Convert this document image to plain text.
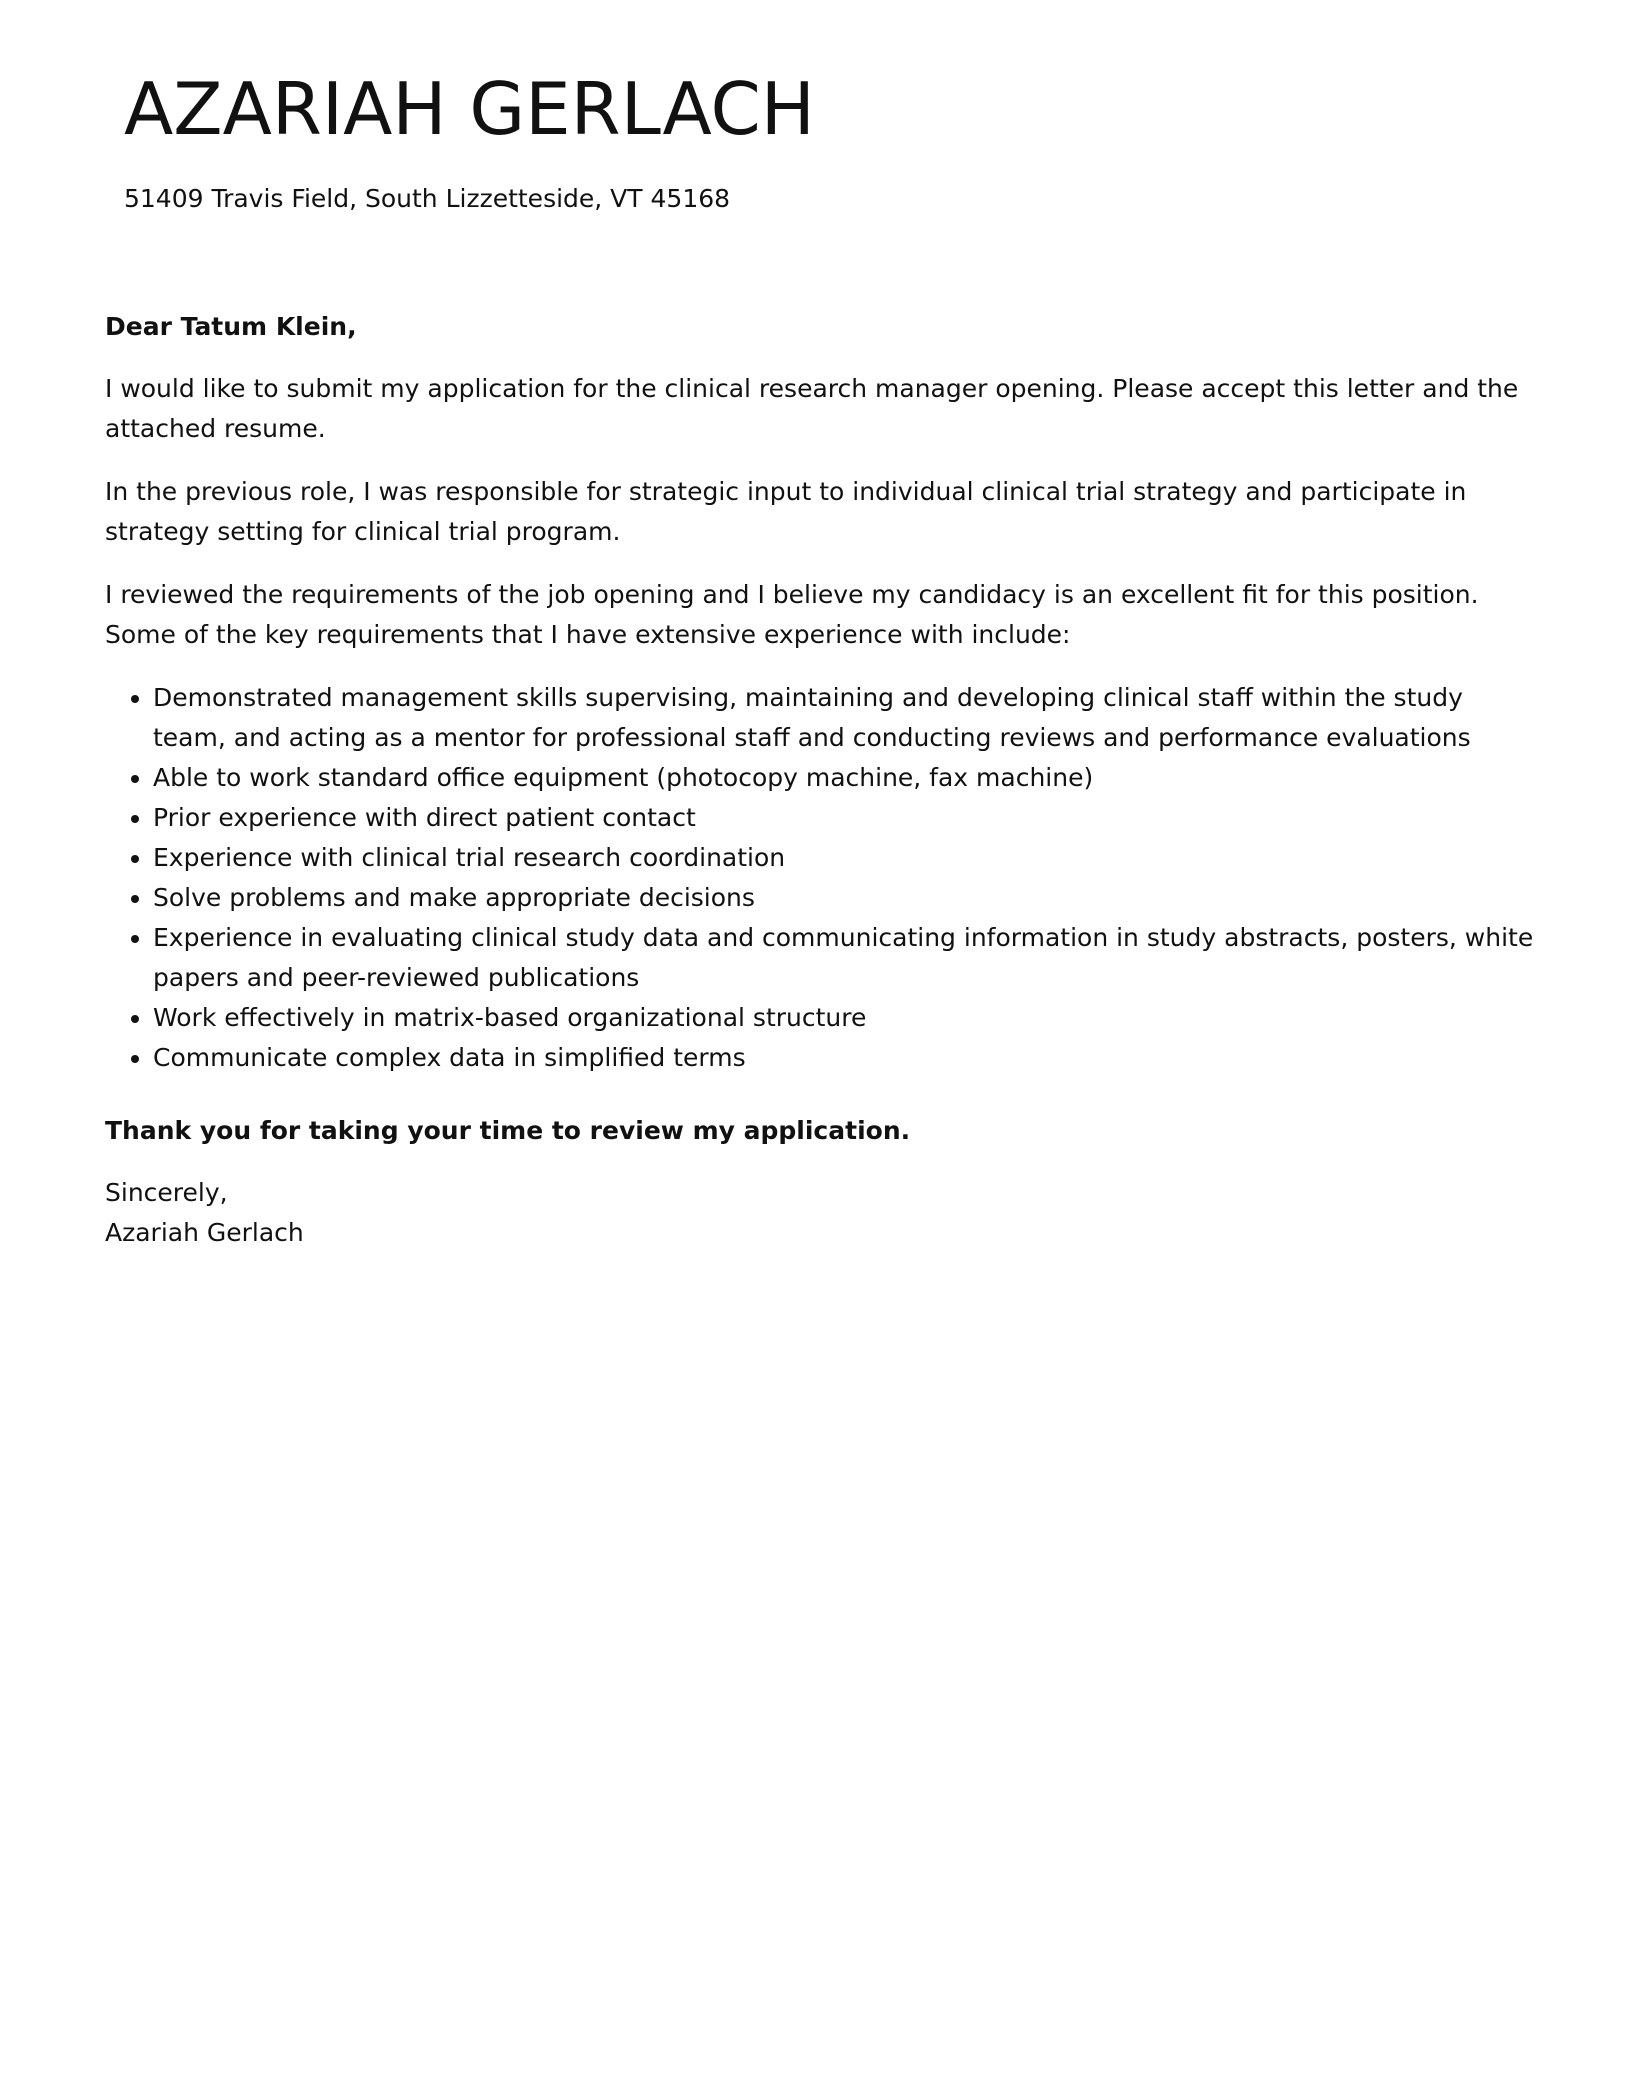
AZARIAH GERLACH
51409 Travis Field, South Lizzetteside, VT 45168

Dear Tatum Klein,

I would like to submit my application for the clinical research manager opening. Please accept this letter and the attached resume.

In the previous role, I was responsible for strategic input to individual clinical trial strategy and participate in strategy setting for clinical trial program.

I reviewed the requirements of the job opening and I believe my candidacy is an excellent fit for this position. Some of the key requirements that I have extensive experience with include:

• Demonstrated management skills supervising, maintaining and developing clinical staff within the study team, and acting as a mentor for professional staff and conducting reviews and performance evaluations
• Able to work standard office equipment (photocopy machine, fax machine)
• Prior experience with direct patient contact
• Experience with clinical trial research coordination
• Solve problems and make appropriate decisions
• Experience in evaluating clinical study data and communicating information in study abstracts, posters, white papers and peer-reviewed publications
• Work effectively in matrix-based organizational structure
• Communicate complex data in simplified terms

Thank you for taking your time to review my application.

Sincerely,
Azariah Gerlach
